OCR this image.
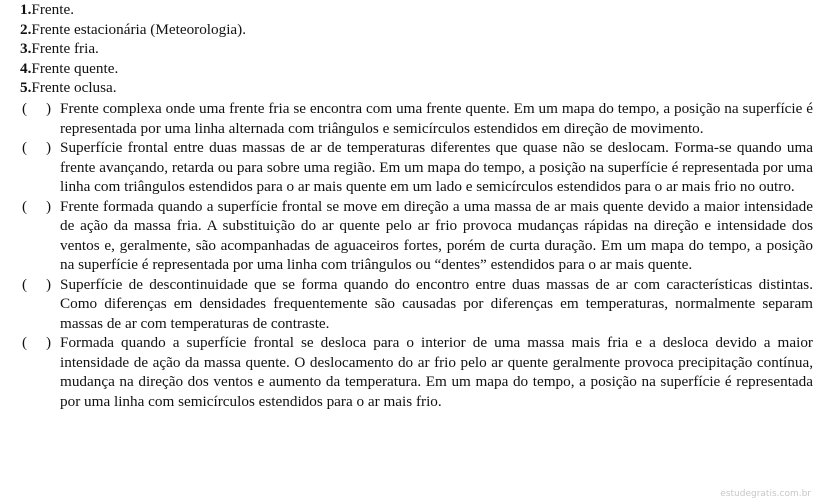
1.Frente.
2.Frente estacionária (Meteorologia).
3.Frente fria.
4.Frente quente.
5.Frente oclusa.
(     ) Frente complexa onde uma frente fria se encontra com uma frente quente. Em um mapa do tempo, a posição na superfície é representada por uma linha alternada com triângulos e semicírculos estendidos em direção de movimento.
(     ) Superfície frontal entre duas massas de ar de temperaturas diferentes que quase não se deslocam. Forma-se quando uma frente avançando, retarda ou para sobre uma região. Em um mapa do tempo, a posição na superfície é representada por uma linha com triângulos estendidos para o ar mais quente em um lado e semicírculos estendidos para o ar mais frio no outro.
(     ) Frente formada quando a superfície frontal se move em direção a uma massa de ar mais quente devido a maior intensidade de ação da massa fria. A substituição do ar quente pelo ar frio provoca mudanças rápidas na direção e intensidade dos ventos e, geralmente, são acompanhadas de aguaceiros fortes, porém de curta duração. Em um mapa do tempo, a posição na superfície é representada por uma linha com triângulos ou “dentes” estendidos para o ar mais quente.
(     ) Superfície de descontinuidade que se forma quando do encontro entre duas massas de ar com características distintas. Como diferenças em densidades frequentemente são causadas por diferenças em temperaturas, normalmente separam massas de ar com temperaturas de contraste.
(     ) Formada quando a superfície frontal se desloca para o interior de uma massa mais fria e a desloca devido a maior intensidade de ação da massa quente. O deslocamento do ar frio pelo ar quente geralmente provoca precipitação contínua, mudança na direção dos ventos e aumento da temperatura. Em um mapa do tempo, a posição na superfície é representada por uma linha com semicírculos estendidos para o ar mais frio.
estudegratis.com.br
